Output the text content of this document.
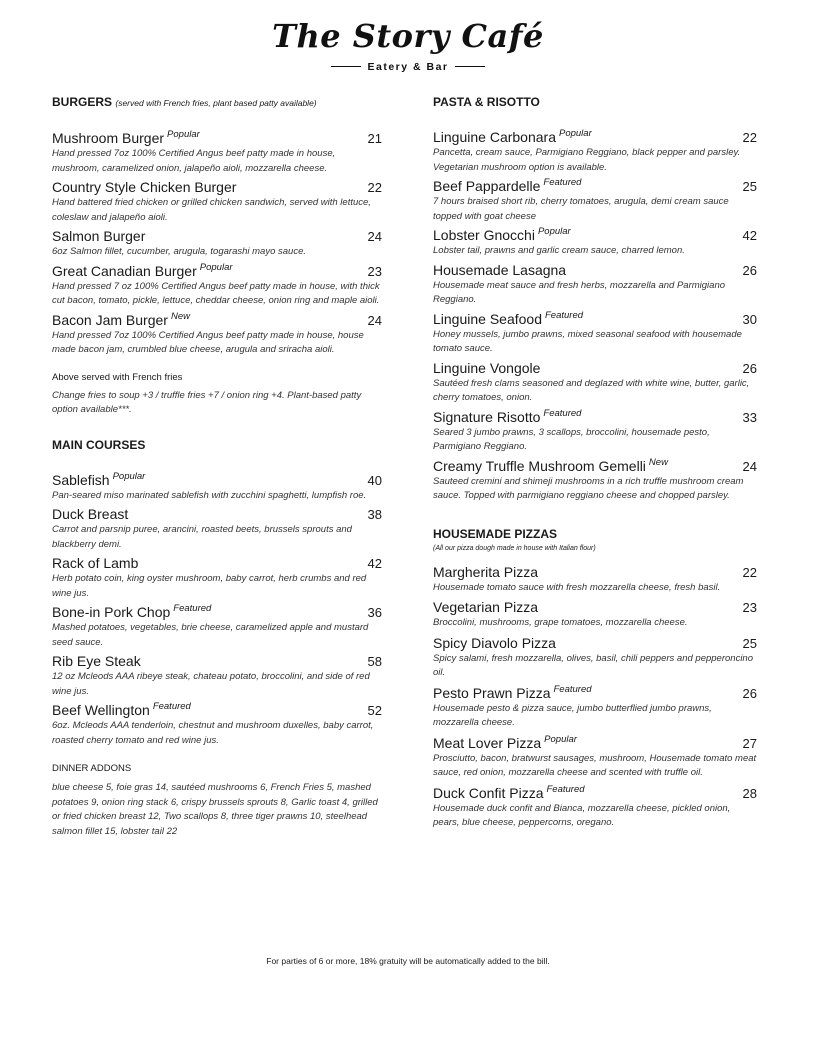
The Story Café
Eatery & Bar
BURGERS (served with French fries, plant based patty available)
Mushroom Burger $^{Popular}$	21
Hand pressed 7oz 100% Certified Angus beef patty made in house, mushroom, caramelized onion, jalapeño aioli, mozzarella cheese.
Country Style Chicken Burger	22
Hand battered fried chicken or grilled chicken sandwich, served with lettuce, coleslaw and jalapeño aioli.
Salmon Burger	24
6oz Salmon fillet, cucumber, arugula, togarashi mayo sauce.
Great Canadian Burger $^{Popular}$	23
Hand pressed 7 oz 100% Certified Angus beef patty made in house, with thick cut bacon, tomato, pickle, lettuce, cheddar cheese, onion ring and maple aioli.
Bacon Jam Burger $^{New}$	24
Hand pressed 7oz 100% Certified Angus beef patty made in house, house made bacon jam, crumbled blue cheese, arugula and sriracha aioli.
Above served with French fries
Change fries to soup +3 / truffle fries +7 / onion ring +4. Plant-based patty option available***.
MAIN COURSES
Sablefish $^{Popular}$	40
Pan-seared miso marinated sablefish with zucchini spaghetti, lumpfish roe.
Duck Breast	38
Carrot and parsnip puree, arancini, roasted beets, brussels sprouts and blackberry demi.
Rack of Lamb	42
Herb potato coin, king oyster mushroom, baby carrot, herb crumbs and red wine jus.
Bone-in Pork Chop $^{Featured}$	36
Mashed potatoes, vegetables, brie cheese, caramelized apple and mustard seed sauce.
Rib Eye Steak	58
12 oz Mcleods AAA ribeye steak, chateau potato, broccolini, and side of red wine jus.
Beef Wellington $^{Featured}$	52
6oz. Mcleods AAA tenderloin, chestnut and mushroom duxelles, baby carrot, roasted cherry tomato and red wine jus.
DINNER ADDONS
blue cheese 5, foie gras 14, sautéed mushrooms 6, French Fries 5, mashed potatoes 9, onion ring stack 6, crispy brussels sprouts 8, Garlic toast 4, grilled or fried chicken breast 12, Two scallops 8, three tiger prawns 10, steelhead salmon fillet 15, lobster tail 22
PASTA & RISOTTO
Linguine Carbonara $^{Popular}$	22
Pancetta, cream sauce, Parmigiano Reggiano, black pepper and parsley. Vegetarian mushroom option is available.
Beef Pappardelle $^{Featured}$	25
7 hours braised short rib, cherry tomatoes, arugula, demi cream sauce topped with goat cheese
Lobster Gnocchi $^{Popular}$	42
Lobster tail, prawns and garlic cream sauce, charred lemon.
Housemade Lasagna	26
Housemade meat sauce and fresh herbs, mozzarella and Parmigiano Reggiano.
Linguine Seafood $^{Featured}$	30
Honey mussels, jumbo prawns, mixed seasonal seafood with housemade tomato sauce.
Linguine Vongole	26
Sautéed fresh clams seasoned and deglazed with white wine, butter, garlic, cherry tomatoes, onion.
Signature Risotto $^{Featured}$	33
Seared 3 jumbo prawns, 3 scallops, broccolini, housemade pesto, Parmigiano Reggiano.
Creamy Truffle Mushroom Gemelli $^{New}$	24
Sauteed cremini and shimeji mushrooms in a rich truffle mushroom cream sauce. Topped with parmigiano reggiano cheese and chopped parsley.
HOUSEMADE PIZZAS
(All our pizza dough made in house with Italian flour)
Margherita Pizza	22
Housemade tomato sauce with fresh mozzarella cheese, fresh basil.
Vegetarian Pizza	23
Broccolini, mushrooms, grape tomatoes, mozzarella cheese.
Spicy Diavolo Pizza	25
Spicy salami, fresh mozzarella, olives, basil, chili peppers and pepperoncino oil.
Pesto Prawn Pizza $^{Featured}$	26
Housemade pesto & pizza sauce, jumbo butterflied jumbo prawns, mozzarella cheese.
Meat Lover Pizza $^{Popular}$	27
Prosciutto, bacon, bratwurst sausages, mushroom, Housemade tomato meat sauce, red onion, mozzarella cheese and scented with truffle oil.
Duck Confit Pizza $^{Featured}$	28
Housemade duck confit and Bianca, mozzarella cheese, pickled onion, pears, blue cheese, peppercorns, oregano.
For parties of 6 or more, 18% gratuity will be automatically added to the bill.
